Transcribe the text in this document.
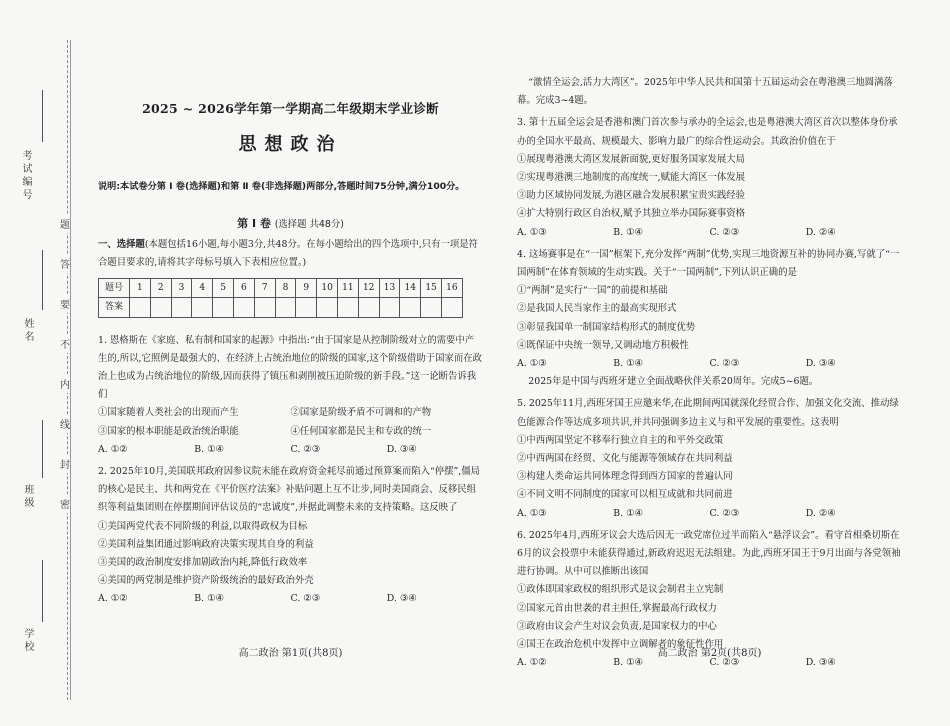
考试编号
姓名
班级
学校
题
答
要
不
内
线
封
密
2025 ~ 2026学年第一学期高二年级期末学业诊断
思想政治
说明:本试卷分第 Ⅰ 卷(选择题)和第 Ⅱ 卷(非选择题)两部分,答题时间75分钟,满分100分。
第 Ⅰ 卷 (选择题 共48分)
一、选择题(本题包括16小题,每小题3分,共48分。在每小题给出的四个选项中,只有一项是符合题目要求的,请将其字母标号填入下表相应位置。)
题号	1	2	3	4	5	6	7	8	9	10	11	12	13	14	15	16
答案																
1. 恩格斯在《家庭、私有制和国家的起源》中指出:“由于国家是从控制阶级对立的需要中产生的,所以,它照例是最强大的、在经济上占统治地位的阶级的国家,这个阶级借助于国家而在政治上也成为占统治地位的阶级,因而获得了镇压和剥削被压迫阶级的新手段。”这一论断告诉我们
①国家随着人类社会的出现而产生	②国家是阶级矛盾不可调和的产物
③国家的根本职能是政治统治职能	④任何国家都是民主和专政的统一
A. ①②	B. ①④	C. ②③	D. ③④
2. 2025年10月,美国联邦政府因参议院未能在政府资金耗尽前通过预算案而陷入“停摆”,僵局的核心是民主、共和两党在《平价医疗法案》补贴问题上互不让步,同时美国商会、反移民组织等利益集团则在停摆期间评估议员的“忠诚度”,并据此调整未来的支持策略。这反映了
①美国两党代表不同阶级的利益,以取得政权为目标
②美国利益集团通过影响政府决策实现其自身的利益
③美国的政治制度安排加剧政治内耗,降低行政效率
④美国的两党制是维护资产阶级统治的最好政治外壳
A. ①②	B. ①④	C. ②③	D. ③④
“激情全运会,活力大湾区”。2025年中华人民共和国第十五届运动会在粤港澳三地圆满落幕。完成3~4题。
3. 第十五届全运会是香港和澳门首次参与承办的全运会,也是粤港澳大湾区首次以整体身份承办的全国水平最高、规模最大、影响力最广的综合性运动会。其政治价值在于
①展现粤港澳大湾区发展新面貌,更好服务国家发展大局
②实现粤港澳三地制度的高度统一,赋能大湾区一体发展
③助力区域协同发展,为港区融合发展积累宝贵实践经验
④扩大特别行政区自治权,赋予其独立举办国际赛事资格
A. ①③	B. ①④	C. ②③	D. ②④
4. 这场赛事是在“一国”框架下,充分发挥“两制”优势,实现三地资源互补的协同办赛,写就了“一国两制”在体育领域的生动实践。关于“一国两制”,下列认识正确的是
①“两制”是实行“一国”的前提和基础
②是我国人民当家作主的最高实现形式
③彰显我国单一制国家结构形式的制度优势
④既保证中央统一领导,又调动地方积极性
A. ①③	B. ①④	C. ②③	D. ③④
2025年是中国与西班牙建立全面战略伙伴关系20周年。完成5~6题。
5. 2025年11月,西班牙国王应邀来华,在此期间两国就深化经贸合作、加强文化交流、推动绿色能源合作等达成多项共识,并共同强调多边主义与和平发展的重要性。这表明
①中西两国坚定不移奉行独立自主的和平外交政策
②中西两国在经贸、文化与能源等领域存在共同利益
③构建人类命运共同体理念得到西方国家的普遍认同
④不同文明不同制度的国家可以相互成就和共同前进
A. ①③	B. ①④	C. ②③	D. ②④
6. 2025年4月,西班牙议会大选后因无一政党席位过半而陷入“悬浮议会”。看守首相桑切斯在6月的议会投票中未能获得通过,新政府迟迟无法组建。为此,西班牙国王于9月出面与各党领袖进行协调。从中可以推断出该国
①政体即国家政权的组织形式是议会制君主立宪制
②国家元首由世袭的君主担任,掌握最高行政权力
③政府由议会产生对议会负责,是国家权力的中心
④国王在政治危机中发挥中立调解者的象征性作用
A. ①②	B. ①④	C. ②③	D. ③④
高二政治 第1页(共8页)	高二政治 第2页(共8页)
